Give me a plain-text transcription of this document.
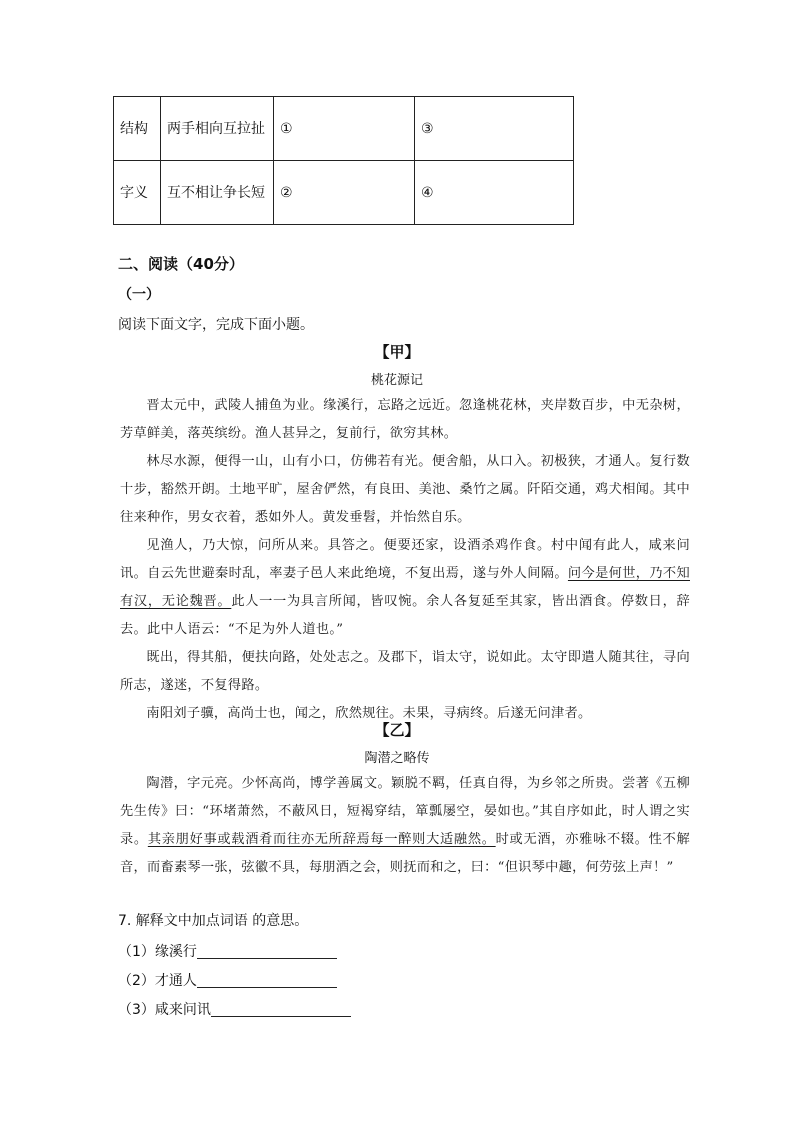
结构	两手相向互拉扯	①	③
字义	互不相让争长短	②	④
二、阅读（40分）
（一）
阅读下面文字，完成下面小题。
【甲】
桃花源记

晋太元中，武陵人捕鱼为业。缘溪行，忘路之远近。忽逢桃花林，夹岸数百步，中无杂树，芳草鲜美，落英缤纷。渔人甚异之，复前行，欲穷其林。

林尽水源，便得一山，山有小口，仿佛若有光。便舍船，从口入。初极狭，才通人。复行数十步，豁然开朗。土地平旷，屋舍俨然，有良田、美池、桑竹之属。阡陌交通，鸡犬相闻。其中往来种作，男女衣着，悉如外人。黄发垂髫，并怡然自乐。

见渔人，乃大惊，问所从来。具答之。便要还家，设酒杀鸡作食。村中闻有此人，咸来问讯。自云先世避秦时乱，率妻子邑人来此绝境，不复出焉，遂与外人间隔。问今是何世，乃不知有汉，无论魏晋。此人一一为具言所闻，皆叹惋。余人各复延至其家，皆出酒食。停数日，辞去。此中人语云：“不足为外人道也。”

既出，得其船，便扶向路，处处志之。及郡下，诣太守，说如此。太守即遣人随其往，寻向所志，遂迷，不复得路。

南阳刘子骥，高尚士也，闻之，欣然规往。未果，寻病终。后遂无问津者。

【乙】
陶潜之略传

陶潜，字元亮。少怀高尚，博学善属文。颖脱不羁，任真自得，为乡邻之所贵。尝著《五柳先生传》曰：“环堵萧然，不蔽风日，短褐穿结，箪瓢屡空，晏如也。”其自序如此，时人谓之实录。其亲朋好事或载酒肴而往亦无所辞焉每一醉则大适融然。时或无酒，亦雅咏不辍。性不解音，而畜素琴一张，弦徽不具，每朋酒之会，则抚而和之，曰：“但识琴中趣，何劳弦上声！”

7. 解释文中加点词语 的意思。
（1）缘溪行
（2）才通人
（3）咸来问讯
